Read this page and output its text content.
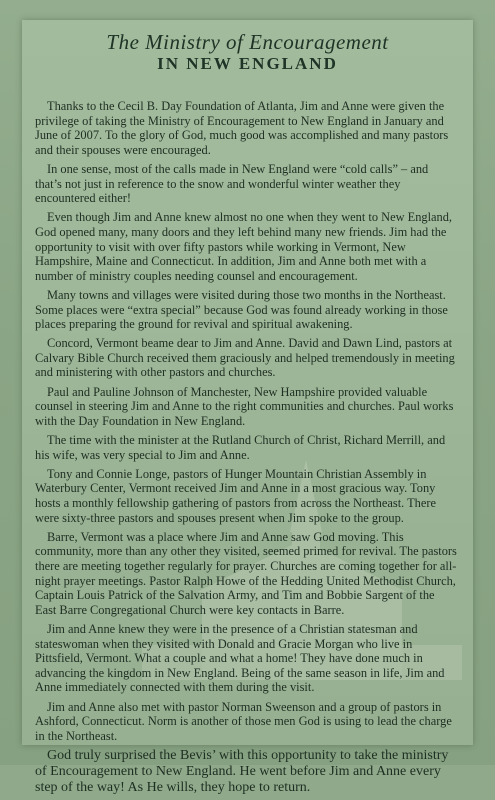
The Ministry of Encouragement
IN NEW ENGLAND

Thanks to the Cecil B. Day Foundation of Atlanta, Jim and Anne were given the privilege of taking the Ministry of Encouragement to New England in January and June of 2007. To the glory of God, much good was accomplished and many pastors and their spouses were encouraged.

In one sense, most of the calls made in New England were “cold calls” – and that’s not just in reference to the snow and wonderful winter weather they encountered either!

Even though Jim and Anne knew almost no one when they went to New England, God opened many, many doors and they left behind many new friends. Jim had the opportunity to visit with over fifty pastors while working in Vermont, New Hampshire, Maine and Connecticut. In addition, Jim and Anne both met with a number of ministry couples needing counsel and encouragement.

Many towns and villages were visited during those two months in the Northeast. Some places were “extra special” because God was found already working in those places preparing the ground for revival and spiritual awakening.

Concord, Vermont beame dear to Jim and Anne. David and Dawn Lind, pastors at Calvary Bible Church received them graciously and helped tremendously in meeting and ministering with other pastors and churches.

Paul and Pauline Johnson of Manchester, New Hampshire provided valuable counsel in steering Jim and Anne to the right communities and churches. Paul works with the Day Foundation in New England.

The time with the minister at the Rutland Church of Christ, Richard Merrill, and his wife, was very special to Jim and Anne.

Tony and Connie Longe, pastors of Hunger Mountain Christian Assembly in Waterbury Center, Vermont received Jim and Anne in a most gracious way. Tony hosts a monthly fellowship gathering of pastors from across the Northeast. There were sixty-three pastors and spouses present when Jim spoke to the group.

Barre, Vermont was a place where Jim and Anne saw God moving. This community, more than any other they visited, seemed primed for revival. The pastors there are meeting together regularly for prayer. Churches are coming together for all-night prayer meetings. Pastor Ralph Howe of the Hedding United Methodist Church, Captain Louis Patrick of the Salvation Army, and Tim and Bobbie Sargent of the East Barre Congregational Church were key contacts in Barre.

Jim and Anne knew they were in the presence of a Christian statesman and stateswoman when they visited with Donald and Gracie Morgan who live in Pittsfield, Vermont. What a couple and what a home! They have done much in advancing the kingdom in New England. Being of the same season in life, Jim and Anne immediately connected with them during the visit.

Jim and Anne also met with pastor Norman Sweenson and a group of pastors in Ashford, Connecticut. Norm is another of those men God is using to lead the charge in the Northeast.

God truly surprised the Bevis’ with this opportunity to take the ministry of Encouragement to New England. He went before Jim and Anne every step of the way! As He wills, they hope to return.
